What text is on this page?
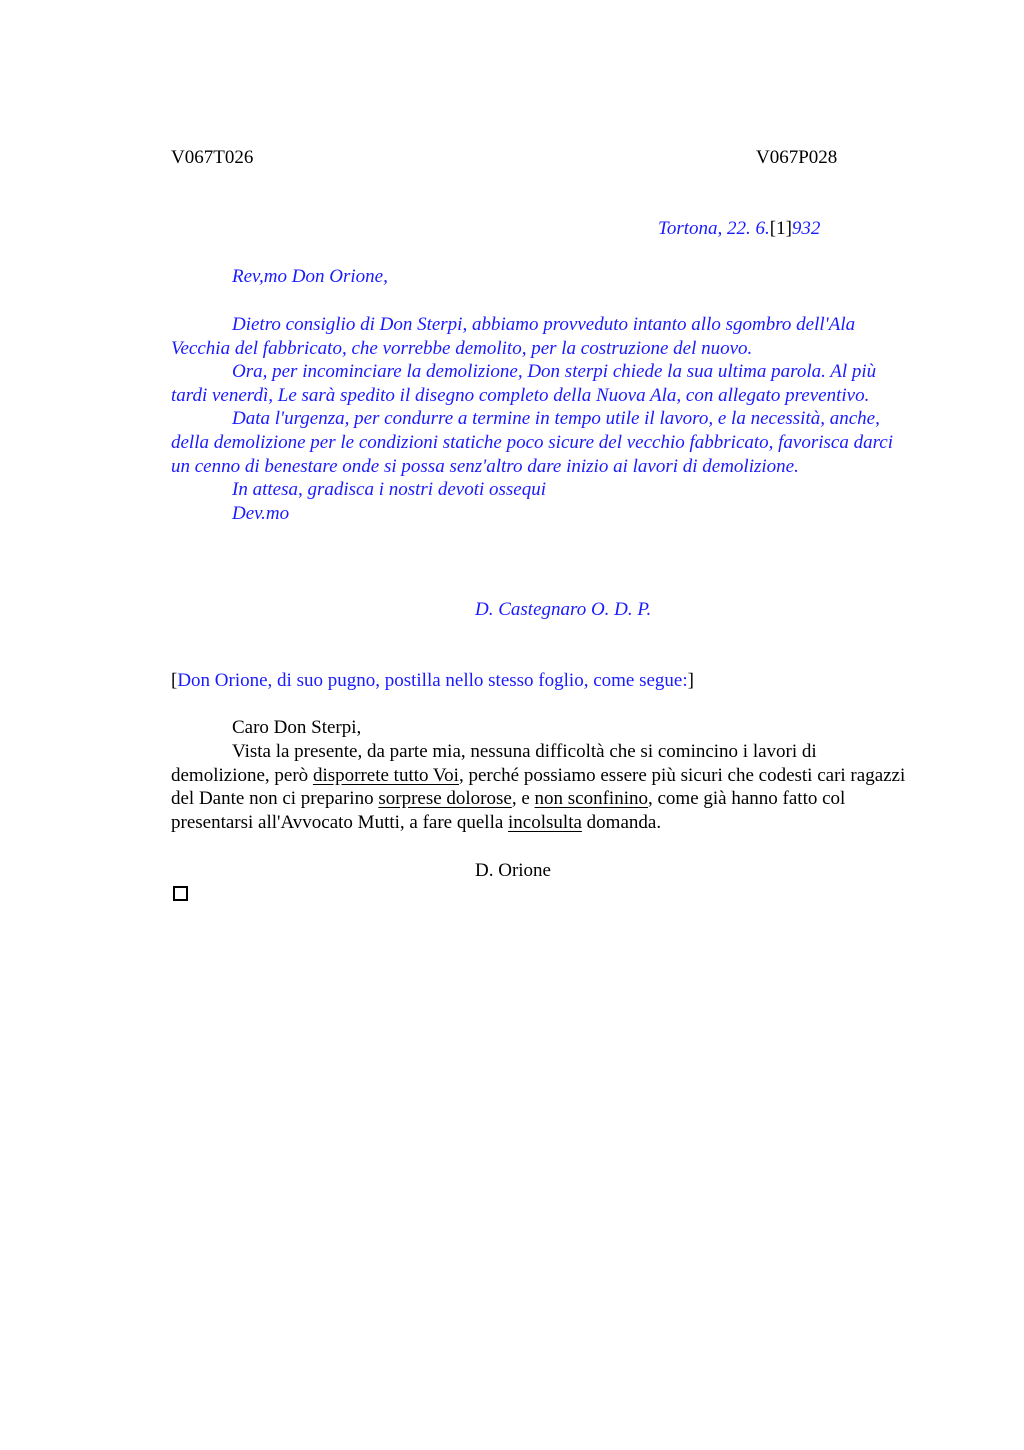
V067T026	V067P028
Tortona, 22. 6.[1]932
Rev,mo Don Orione,

Dietro consiglio di Don Sterpi, abbiamo provveduto intanto allo sgombro dell'Ala Vecchia del fabbricato, che vorrebbe demolito, per la costruzione del nuovo.

Ora, per incominciare la demolizione, Don sterpi chiede la sua ultima parola. Al più tardi venerdì, Le sarà spedito il disegno completo della Nuova Ala, con allegato preventivo.

Data l'urgenza, per condurre a termine in tempo utile il lavoro, e la necessità, anche, della demolizione per le condizioni statiche poco sicure del vecchio fabbricato, favorisca darci un cenno di benestare onde si possa senz'altro dare inizio ai lavori di demolizione.

In attesa, gradisca i nostri devoti ossequi

Dev.mo

D. Castegnaro O. D. P.
[Don Orione, di suo pugno, postilla nello stesso foglio, come segue:]
Caro Don Sterpi,

Vista la presente, da parte mia, nessuna difficoltà che si comincino i lavori di demolizione, però disporrete tutto Voi, perché possiamo essere più sicuri che codesti cari ragazzi del Dante non ci preparino sorprese dolorose, e non sconfinino, come già hanno fatto col presentarsi all'Avvocato Mutti, a fare quella incolsulta domanda.

D. Orione
